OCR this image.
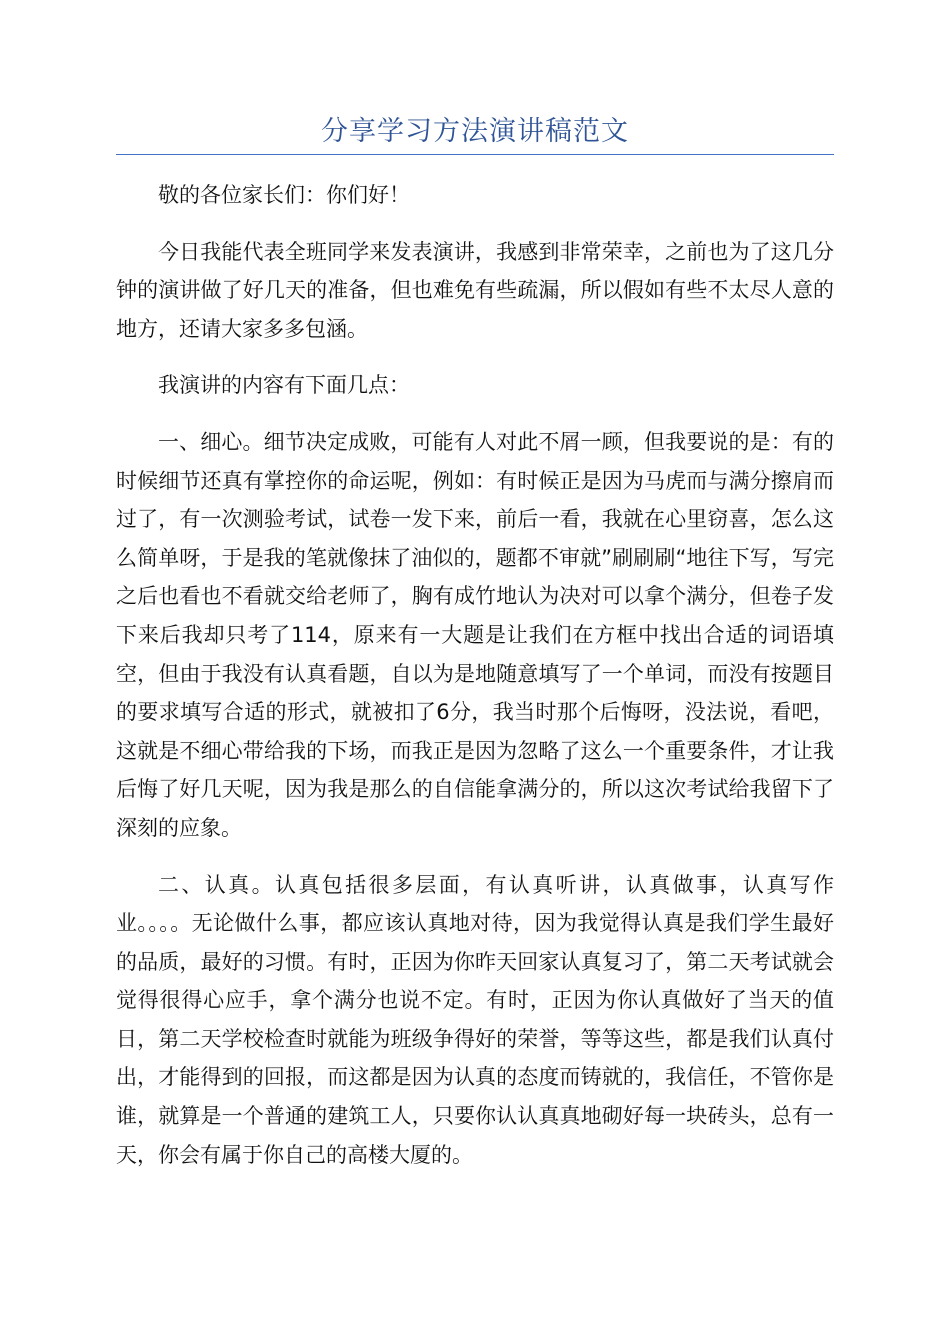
分享学习方法演讲稿范文

敬的各位家长们：你们好！

今日我能代表全班同学来发表演讲，我感到非常荣幸，之前也为了这几分钟的演讲做了好几天的准备，但也难免有些疏漏，所以假如有些不太尽人意的地方，还请大家多多包涵。

我演讲的内容有下面几点：

一、细心。细节决定成败，可能有人对此不屑一顾，但我要说的是：有的时候细节还真有掌控你的命运呢，例如：有时候正是因为马虎而与满分擦肩而过了，有一次测验考试，试卷一发下来，前后一看，我就在心里窃喜，怎么这么简单呀，于是我的笔就像抹了油似的，题都不审就”刷刷刷“地往下写，写完之后也看也不看就交给老师了，胸有成竹地认为决对可以拿个满分，但卷子发下来后我却只考了114，原来有一大题是让我们在方框中找出合适的词语填空，但由于我没有认真看题，自以为是地随意填写了一个单词，而没有按题目的要求填写合适的形式，就被扣了6分，我当时那个后悔呀，没法说，看吧，这就是不细心带给我的下场，而我正是因为忽略了这么一个重要条件，才让我后悔了好几天呢，因为我是那么的自信能拿满分的，所以这次考试给我留下了深刻的应象。

二、认真。认真包括很多层面，有认真听讲，认真做事，认真写作业。。。。无论做什么事，都应该认真地对待，因为我觉得认真是我们学生最好的品质，最好的习惯。有时，正因为你昨天回家认真复习了，第二天考试就会觉得很得心应手，拿个满分也说不定。有时，正因为你认真做好了当天的值日，第二天学校检查时就能为班级争得好的荣誉，等等这些，都是我们认真付出，才能得到的回报，而这都是因为认真的态度而铸就的，我信任，不管你是谁，就算是一个普通的建筑工人，只要你认认真真地砌好每一块砖头，总有一天，你会有属于你自己的高楼大厦的。
